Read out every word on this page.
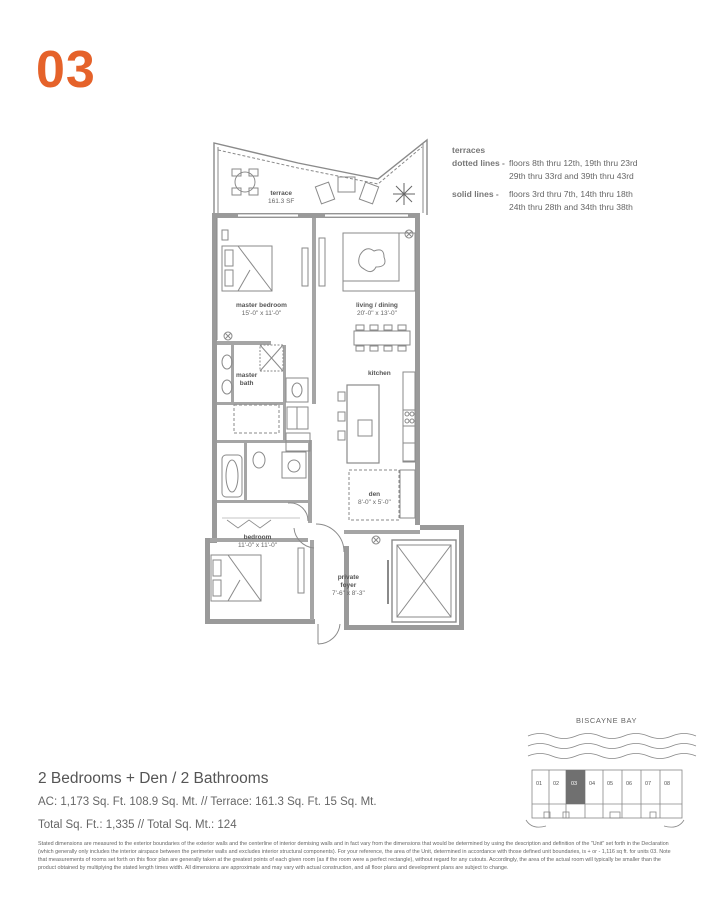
03
terraces
dotted lines - floors 8th thru 12th, 19th thru 23rd
29th thru 33rd and 39th thru 43rd
solid lines -	floors 3rd thru 7th, 14th thru 18th
24th thru 28th and 34th thru 38th
terrace
161.3 SF
master bedroom
15'-0" x 11'-0"
living / dining
20'-0" x 13'-0"
master
bath
kitchen
den
8'-0" x 5'-0"
bedroom
11'-0" x 11'-0"
private
foyer
7'-6" x 8'-3"
2 Bedrooms + Den / 2 Bathrooms
AC: 1,173 Sq. Ft. 108.9 Sq. Mt. // Terrace: 161.3 Sq. Ft. 15 Sq. Mt.
Total Sq. Ft.: 1,335 // Total Sq. Mt.: 124
Stated dimensions are measured to the exterior boundaries of the exterior walls and the centerline of interior demising walls and in fact vary from the dimensions that would be determined by using the description and definition of the "Unit" set forth in the Declaration (which generally only includes the interior airspace between the perimeter walls and excludes interior structural components). For your reference, the area of the Unit, determined in accordance with those defined unit boundaries, is + or - 1,116 sq ft. for units 03. Note that measurements of rooms set forth on this floor plan are generally taken at the greatest points of each given room (as if the room were a perfect rectangle), without regard for any cutouts. Accordingly, the area of the actual room will typically be smaller than the product obtained by multiplying the stated length times width. All dimensions are approximate and may vary with actual construction, and all floor plans and development plans are subject to change.
BISCAYNE BAY
01 02 03 04 05 06 07 08
